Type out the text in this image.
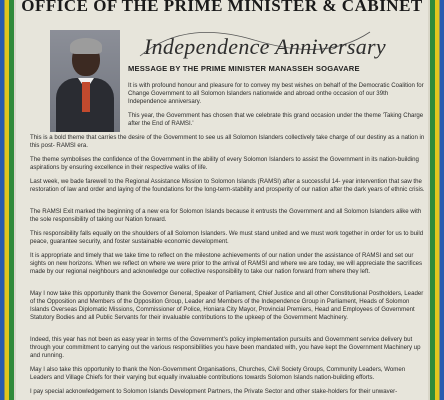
OFFICE OF THE PRIME MINISTER & CABINET
Independence Anniversary
MESSAGE BY THE PRIME MINISTER MANASSEH SOGAVARE

It is with profound honour and pleasure for to convey my best wishes on behalf of the Democratic Coalition for Change Government to all Solomon Islanders nationwide and abroad onthe occasion of our 39th Independence anniversary.

This year, the Government has chosen that we celebrate this grand occasion under the theme 'Taking Charge after the End of RAMSI.'

This is a bold theme that carries the desire of the Government to see us all Solomon Islanders collectively take charge of our destiny as a nation in this post- RAMSI era.

The theme symbolises the confidence of the Government in the ability of every Solomon Islanders to assist the Government in its nation-building aspirations by ensuring excellence in their respective walks of life.

Last week, we bade farewell to the Regional Assistance Mission to Solomon Islands (RAMSI) after a successful 14- year intervention that saw the restoration of law and order and laying of the foundations for the long-term-stability and prosperity of our nation after the dark years of ethnic crisis.

The RAMSI Exit marked the beginning of a new era for Solomon Islands because it entrusts the Government and all Solomon Islanders alike with the sole responsibility of taking our Nation forward.

This responsibility falls equally on the shoulders of all Solomon Islanders. We must stand united and we must work together in order for us to build peace, guarantee security, and foster sustainable economic development.

It is appropriate and timely that we take time to reflect on the milestone achievements of our nation under the assistance of RAMSI and set our sights on new horizons. When we reflect on where we were prior to the arrival of RAMSI and where we are today, we will appreciate the sacrifices made by our regional neighbours and acknowledge our collective responsibility to take our nation forward from where they left.

May I now take this opportunity thank the Governor General, Speaker of Parliament, Chief Justice and all other Constitutional Postholders, Leader of the Opposition and Members of the Opposition Group, Leader and Members of the Independence Group in Parliament, Heads of Solomon Islands Overseas Diplomatic Missions, Commissioner of Police, Honiara City Mayor, Provincial Premiers, Head and Employees of Government Statutory Bodies and all Public Servants for their invaluable contributions to the upkeep of the Government Machinery.

Indeed, this year has not been as easy year in terms of the Government's policy implementation pursuits and Government service delivery but through your commitment to carrying out the various responsibilities you have been mandated with, you have kept the Government Machinery up and running.

May I also take this opportunity to thank the Non-Government Organisations, Churches, Civil Society Groups, Community Leaders, Women Leaders and Village Chiefs for their varying but equally invaluable contributions towards Solomon Islands nation-building efforts.

I pay special acknowledgement to Solomon Islands Development Partners, the Private Sector and other stake-holders for their unwaver-
